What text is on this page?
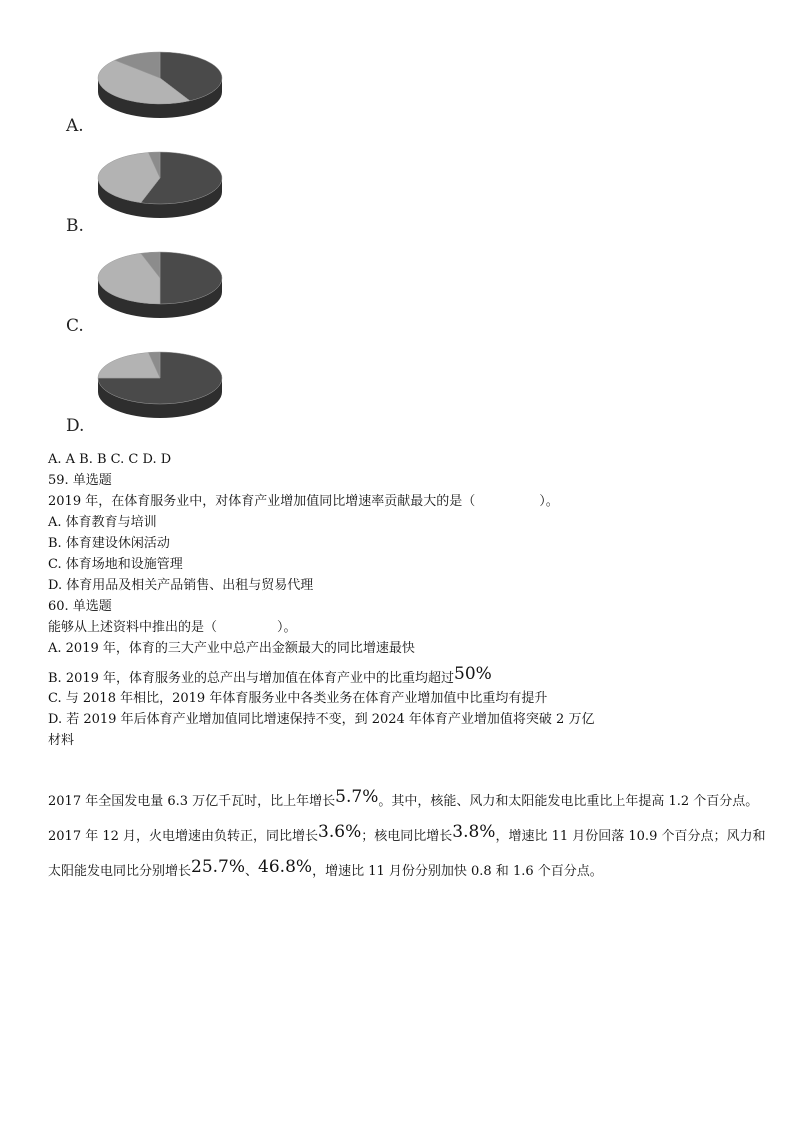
A.
B.
C.
D.
A. A B. B C. C D. D
59. 单选题
2019 年，在体育服务业中，对体育产业增加值同比增速率贡献最大的是（	）。
A. 体育教育与培训
B. 体育建设休闲活动
C. 体育场地和设施管理
D. 体育用品及相关产品销售、出租与贸易代理
60. 单选题
能够从上述资料中推出的是（	）。
A. 2019 年，体育的三大产业中总产出金额最大的同比增速最快
B. 2019 年，体育服务业的总产出与增加值在体育产业中的比重均超过50%
C. 与 2018 年相比，2019 年体育服务业中各类业务在体育产业增加值中比重均有提升
D. 若 2019 年后体育产业增加值同比增速保持不变，到 2024 年体育产业增加值将突破 2 万亿
材料
2017 年全国发电量 6.3 万亿千瓦时，比上年增长5.7%。其中，核能、风力和太阳能发电比重比上年提高 1.2 个百分点。2017 年 12 月，火电增速由负转正，同比增长3.6%；核电同比增长3.8%，增速比 11 月份回落 10.9 个百分点；风力和太阳能发电同比分别增长25.7%、46.8%，增速比 11 月份分别加快 0.8 和 1.6 个百分点。
